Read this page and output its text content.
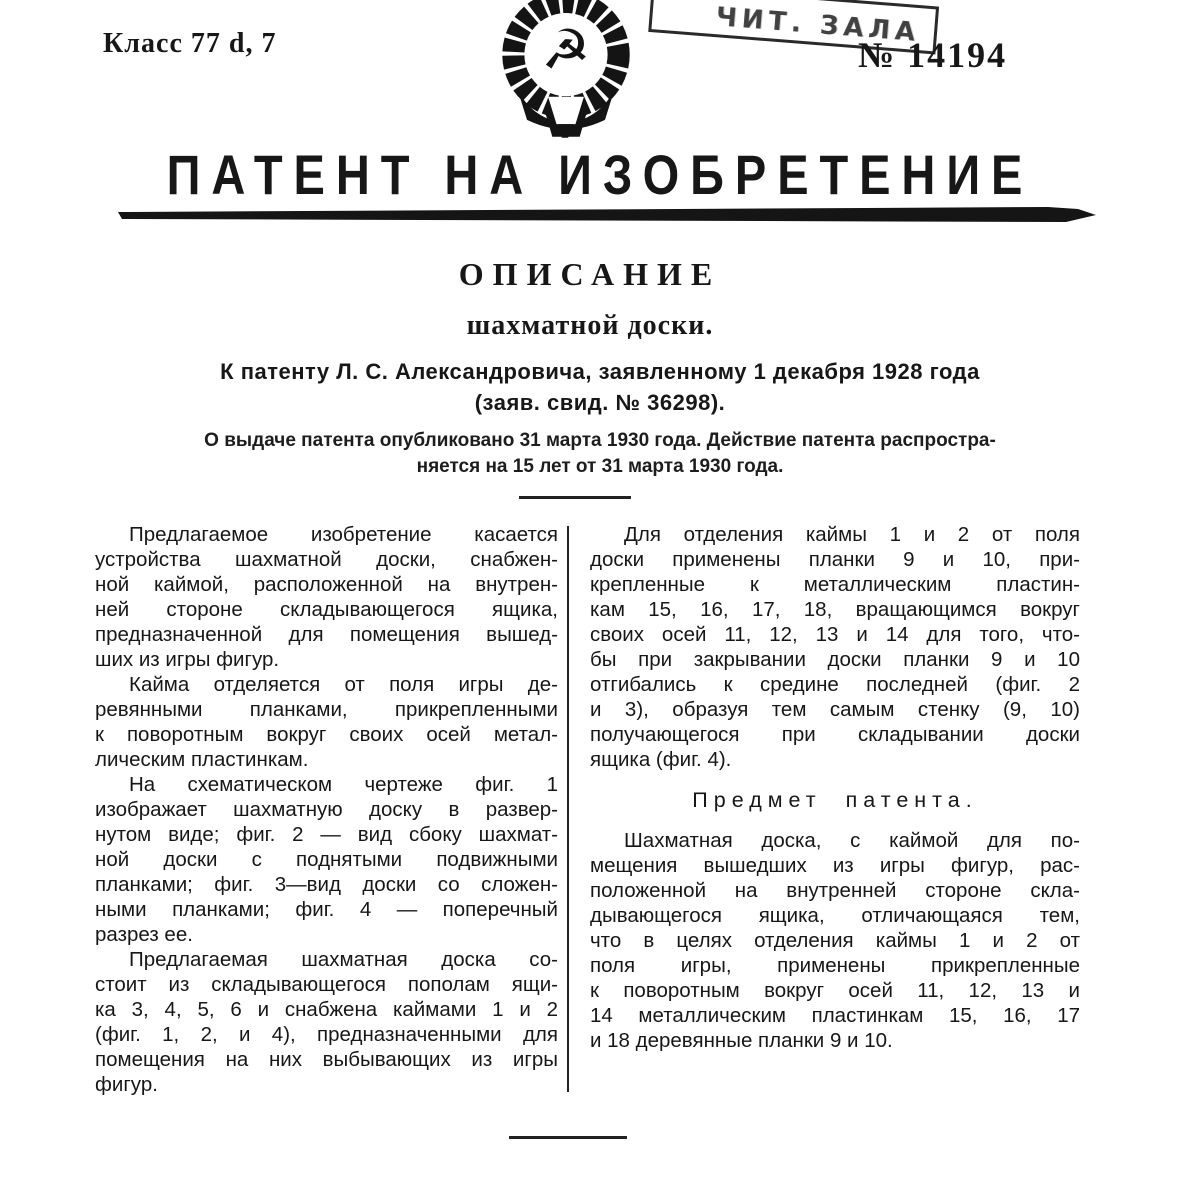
Класс 77 d, 7	ЧИТ. ЗАЛА
№ 14194
☭
ПАТЕНТ НА ИЗОБРЕТЕНИЕ
ОПИСАНИЕ
шахматной доски.
К патенту Л. С. Александровича, заявленному 1 декабря 1928 года
(заяв. свид. № 36298).
О выдаче патента опубликовано 31 марта 1930 года. Действие патента распростра-
няется на 15 лет от 31 марта 1930 года.
Предлагаемое изобретение касается
устройства шахматной доски, снабжен-
ной каймой, расположенной на внутрен-
ней стороне складывающегося ящика,
предназначенной для помещения вышед-
ших из игры фигур.
Кайма отделяется от поля игры де-
ревянными планками, прикрепленными
к поворотным вокруг своих осей метал-
лическим пластинкам.
На схематическом чертеже фиг. 1
изображает шахматную доску в развер-
нутом виде; фиг. 2 — вид сбоку шахмат-
ной доски с поднятыми подвижными
планками; фиг. 3—вид доски со сложен-
ными планками; фиг. 4 — поперечный
разрез ее.
Предлагаемая шахматная доска со-
стоит из складывающегося пополам ящи-
ка 3, 4, 5, 6 и снабжена каймами 1 и 2
(фиг. 1, 2, и 4), предназначенными для
помещения на них выбывающих из игры
фигур.
Для отделения каймы 1 и 2 от поля
доски применены планки 9 и 10, при-
крепленные к металлическим пластин-
кам 15, 16, 17, 18, вращающимся вокруг
своих осей 11, 12, 13 и 14 для того, что-
бы при закрывании доски планки 9 и 10
отгибались к средине последней (фиг. 2
и 3), образуя тем самым стенку (9, 10)
получающегося при складывании доски
ящика (фиг. 4).
Предмет патента.
Шахматная доска, с каймой для по-
мещения вышедших из игры фигур, рас-
положенной на внутренней стороне скла-
дывающегося ящика, отличающаяся тем,
что в целях отделения каймы 1 и 2 от
поля игры, применены прикрепленные
к поворотным вокруг осей 11, 12, 13 и
14 металлическим пластинкам 15, 16, 17
и 18 деревянные планки 9 и 10.
